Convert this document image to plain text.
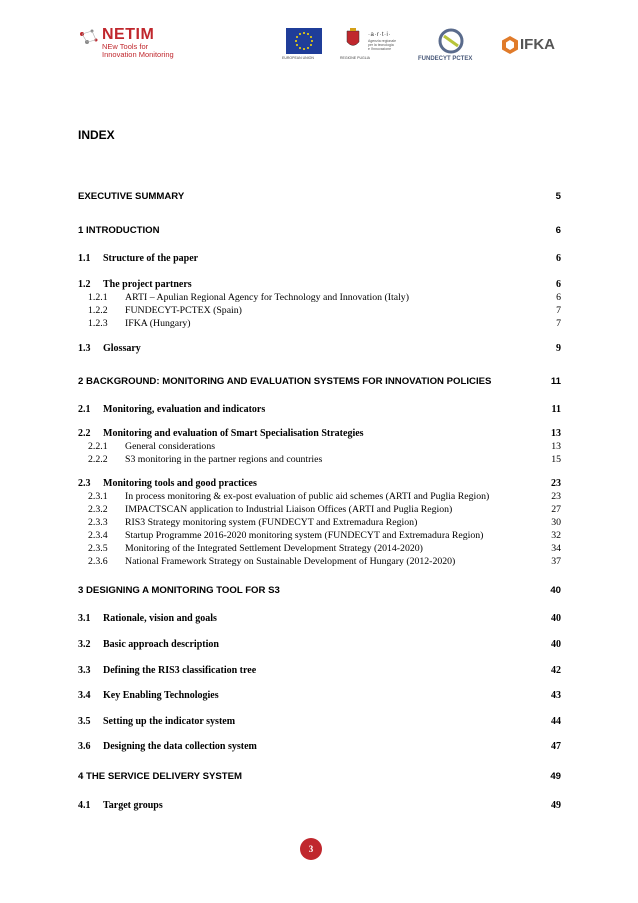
NETIM
NEw Tools for
Innovation Monitoring	EUROPEAN UNION	REGIONE PUGLIA
·a·r·t·i·
Agenzia regionale
per la tecnologia
e l'innovazione
FUNDECYT PCTEX
IFKA
INDEX
EXECUTIVE SUMMARY	5
1 INTRODUCTION	6
1.1 Structure of the paper	6
1.2 The project partners	6
1.2.1 ARTI – Apulian Regional Agency for Technology and Innovation (Italy)	6
1.2.2 FUNDECYT-PCTEX (Spain)	7
1.2.3 IFKA (Hungary)	7
1.3 Glossary	9
2 BACKGROUND: MONITORING AND EVALUATION SYSTEMS FOR INNOVATION POLICIES	11
2.1 Monitoring, evaluation and indicators	11
2.2 Monitoring and evaluation of Smart Specialisation Strategies	13
2.2.1 General considerations	13
2.2.2 S3 monitoring in the partner regions and countries	15
2.3 Monitoring tools and good practices	23
2.3.1 In process monitoring & ex-post evaluation of public aid schemes (ARTI and Puglia Region)	23
2.3.2 IMPACTSCAN application to Industrial Liaison Offices (ARTI and Puglia Region)	27
2.3.3 RIS3 Strategy monitoring system (FUNDECYT and Extremadura Region)	30
2.3.4 Startup Programme 2016-2020 monitoring system (FUNDECYT and Extremadura Region)	32
2.3.5 Monitoring of the Integrated Settlement Development Strategy (2014-2020)	34
2.3.6 National Framework Strategy on Sustainable Development of Hungary (2012-2020)	37
3 DESIGNING A MONITORING TOOL FOR S3	40
3.1 Rationale, vision and goals	40
3.2 Basic approach description	40
3.3 Defining the RIS3 classification tree	42
3.4 Key Enabling Technologies	43
3.5 Setting up the indicator system	44
3.6 Designing the data collection system	47
4 THE SERVICE DELIVERY SYSTEM	49
4.1 Target groups	49
3
